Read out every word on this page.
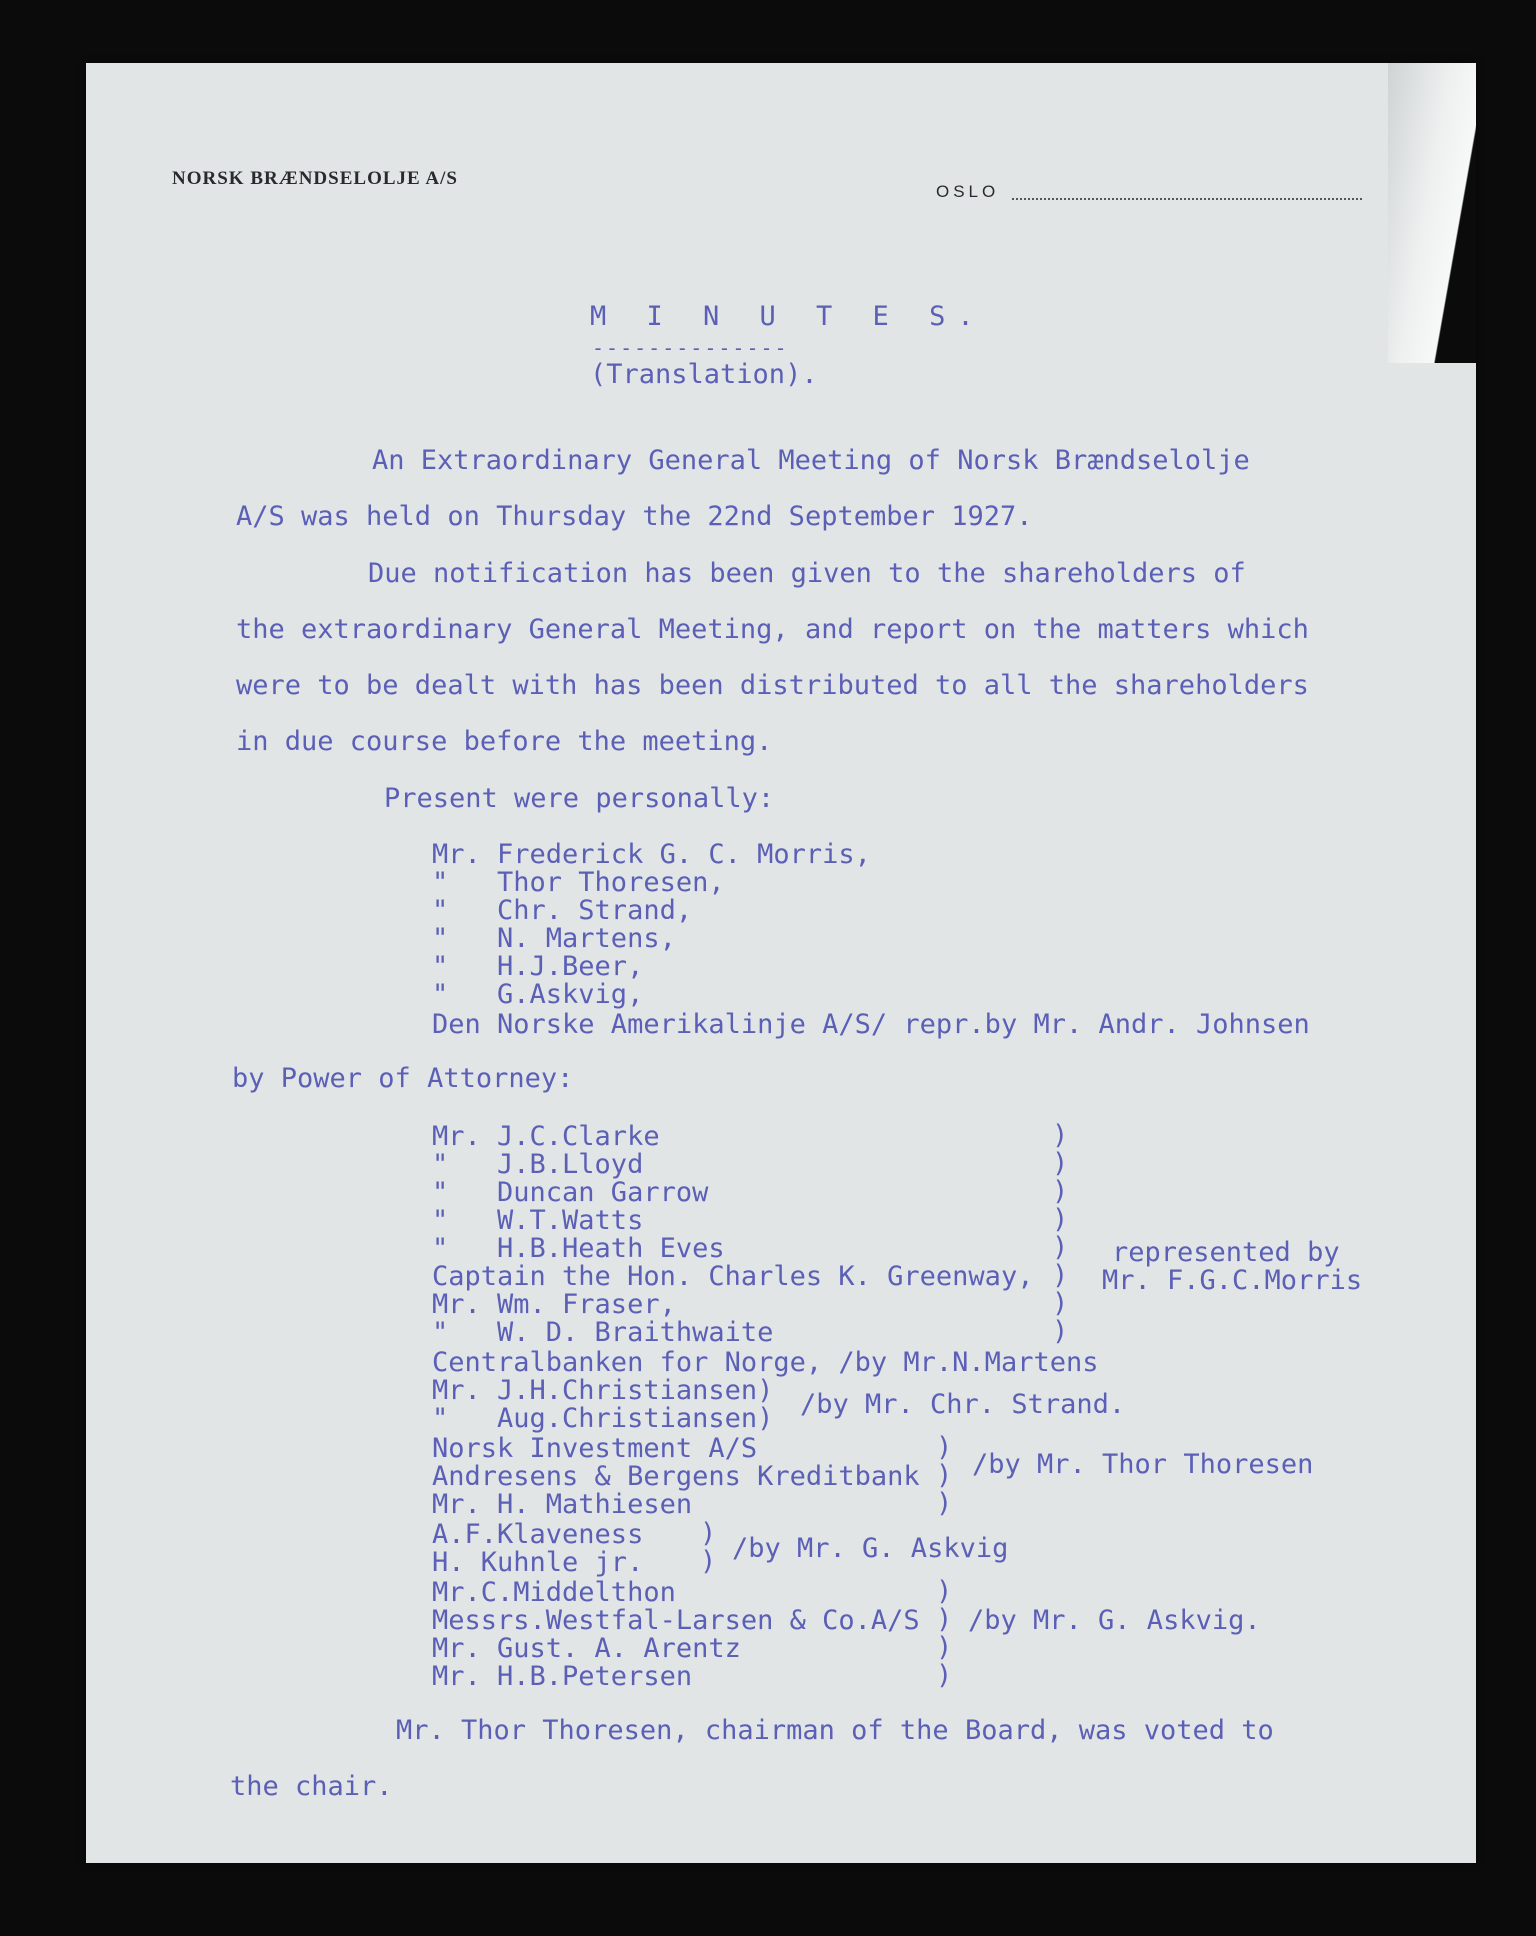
NORSK BRÆNDSELOLJE A/S
OSLO
M I N U T E S.
--------------
(Translation).
An Extraordinary General Meeting of Norsk Brændselolje
A/S was held on Thursday the 22nd September 1927.
Due notification has been given to the shareholders of
the extraordinary General Meeting, and report on the matters which
were to be dealt with has been distributed to all the shareholders
in due course before the meeting.
Present were personally:
Mr. Frederick G. C. Morris,
"   Thor Thoresen,
"   Chr. Strand,
"   N. Martens,
"   H.J.Beer,
"   G.Askvig,
Den Norske Amerikalinje A/S/ repr.by Mr. Andr. Johnsen
by Power of Attorney:
Mr. J.C.Clarke
"   J.B.Lloyd
"   Duncan Garrow
"   W.T.Watts
"   H.B.Heath Eves
Captain the Hon. Charles K. Greenway,
Mr. Wm. Fraser,
"   W. D. Braithwaite
)
)
)
)
)
)
)
)
represented by
Mr. F.G.C.Morris
Centralbanken for Norge, /by Mr.N.Martens
Mr. J.H.Christiansen)
"   Aug.Christiansen) /by Mr. Chr. Strand.
Norsk Investment A/S
Andresens & Bergens Kreditbank
Mr. H. Mathiesen
)
)
)
/by Mr. Thor Thoresen
A.F.Klaveness
H. Kuhnle jr.
)
) /by Mr. G. Askvig
Mr.C.Middelthon
Messrs.Westfal-Larsen & Co.A/S
Mr. Gust. A. Arentz
Mr. H.B.Petersen
)
)
)
)
/by Mr. G. Askvig.
Mr. Thor Thoresen, chairman of the Board, was voted to
the chair.
